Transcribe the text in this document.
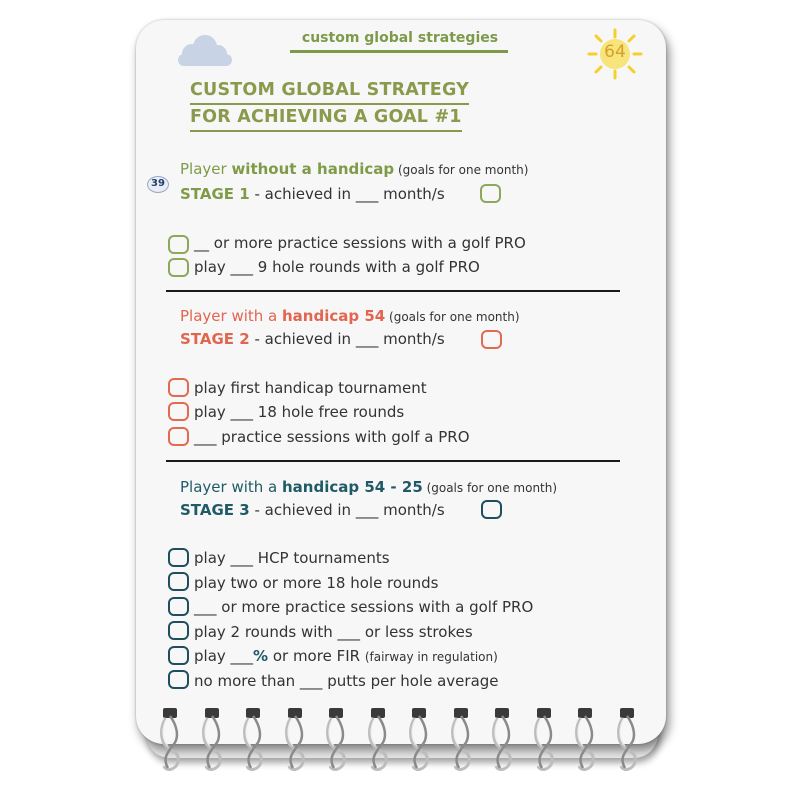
custom global strategies
64
CUSTOM GLOBAL STRATEGY
FOR ACHIEVING A GOAL #1
39
Player without a handicap (goals for one month)
STAGE 1 - achieved in ___ month/s
__ or more practice sessions with a golf PRO
play ___ 9 hole rounds with a golf PRO
Player with a handicap 54 (goals for one month)
STAGE 2 - achieved in ___ month/s
play first handicap tournament
play ___ 18 hole free rounds
___ practice sessions with golf a PRO
Player with a handicap 54 - 25 (goals for one month)
STAGE 3 - achieved in ___ month/s
play ___ HCP tournaments
play two or more 18 hole rounds
___ or more practice sessions with a golf PRO
play 2 rounds with ___ or less strokes
play ___% or more FIR (fairway in regulation)
no more than ___ putts per hole average
